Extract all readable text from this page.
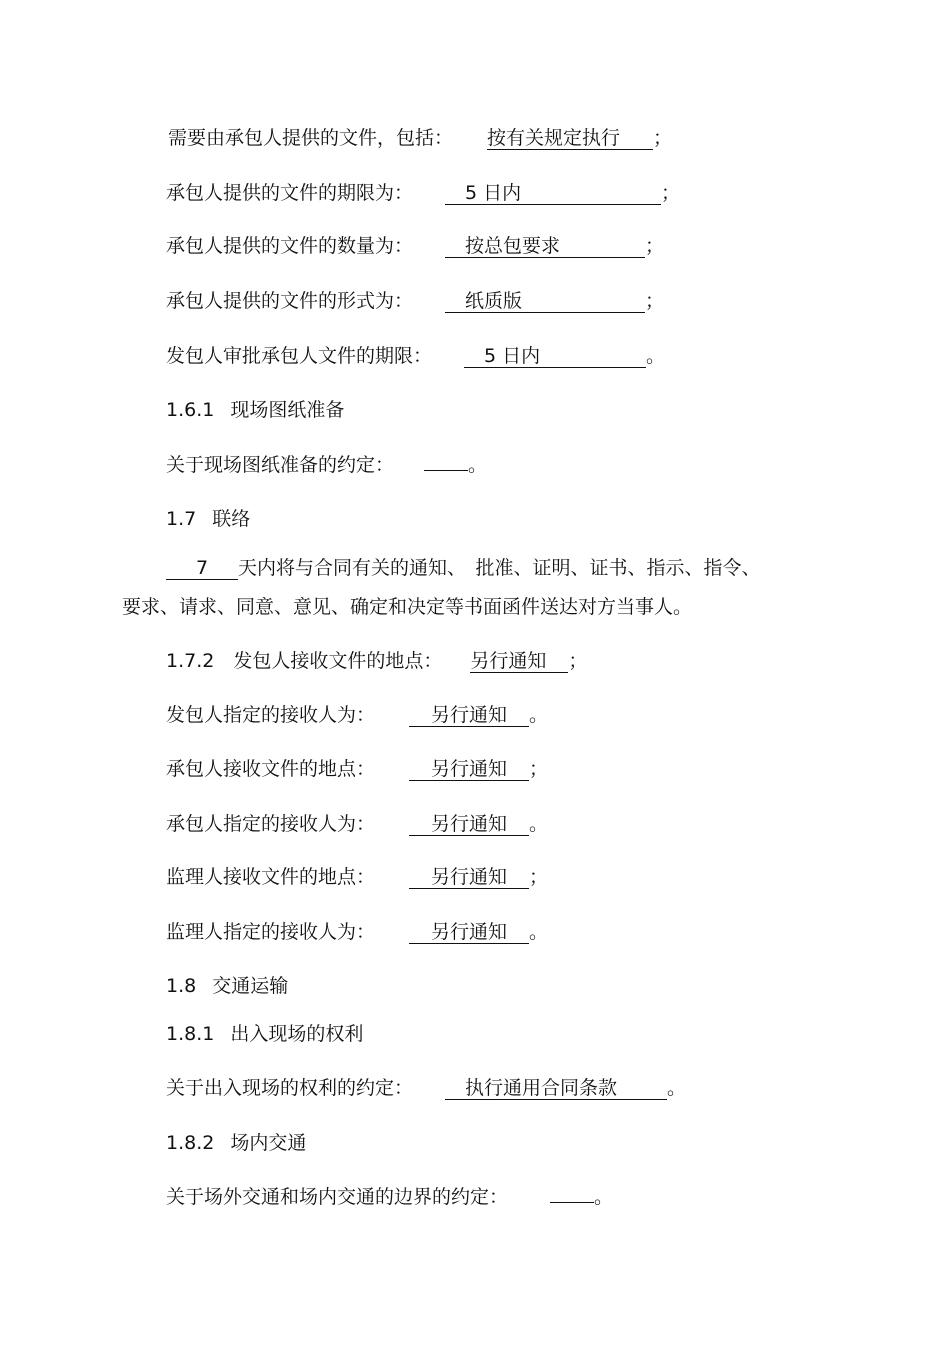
需要由承包人提供的文件，包括： 按有关规定执行 ；
承包人提供的文件的期限为：	5 日内	；
承包人提供的文件的数量为：	按总包要求	；
承包人提供的文件的形式为：	纸质版	；
发包人审批承包人文件的期限：	5 日内	。
1.6.1 现场图纸准备
关于现场图纸准备的约定：	。
1.7 联络
7 天内将与合同有关的通知、　批准、证明、证书、指示、指令、
要求、请求、同意、意见、确定和决定等书面函件送达对方当事人。
1.7.2　发包人接收文件的地点： 另行通知 ；
发包人指定的接收人为：	另行通知 。
承包人接收文件的地点：	另行通知 ；
承包人指定的接收人为：	另行通知 。
监理人接收文件的地点：	另行通知 ；
监理人指定的接收人为：	另行通知 。
1.8 交通运输
1.8.1 出入现场的权利
关于出入现场的权利的约定：	执行通用合同条款	。
1.8.2 场内交通
关于场外交通和场内交通的边界的约定：	。
